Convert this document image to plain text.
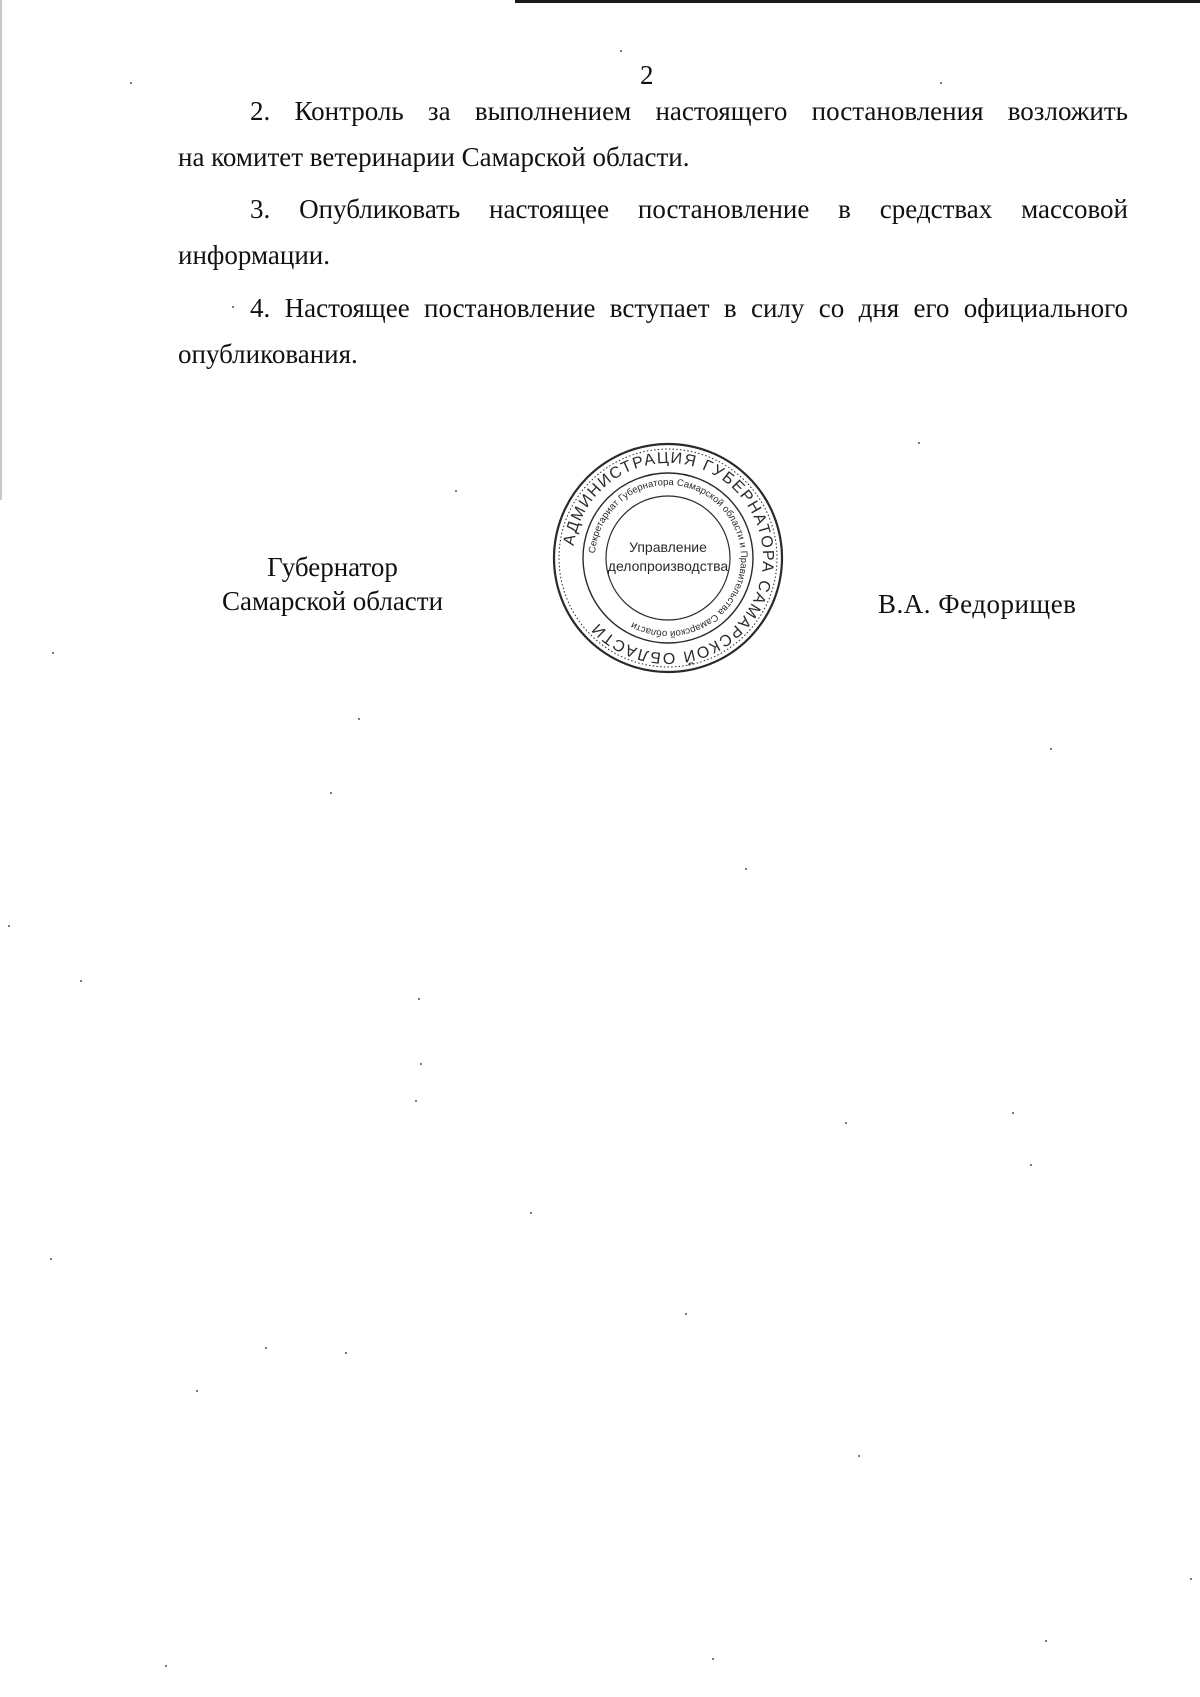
2

2. Контроль за выполнением настоящего постановления возложить
на комитет ветеринарии Самарской области.

3. Опубликовать настоящее постановление в средствах массовой
информации.

4. Настоящее постановление вступает в силу со дня его официального
опубликования.

Губернатор
Самарской области
АДМИНИСТРАЦИЯ ГУБЕРНАТОРА САМАРСКОЙ ОБЛАСТИ
Секретариат Губернатора Самарской области и Правительства Самарской области
Управление
делопроизводства
В.А. Федорищев
